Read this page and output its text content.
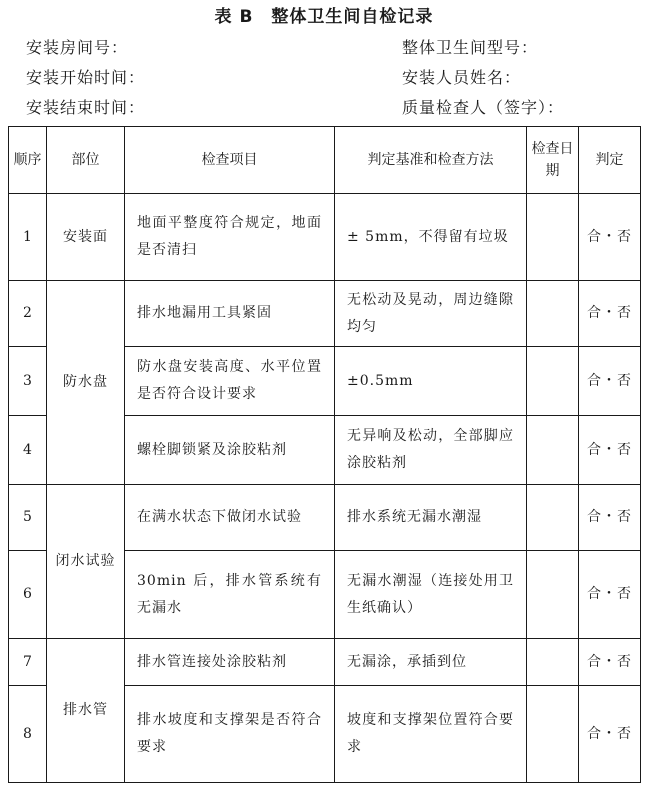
表 B　整体卫生间自检记录
安装房间号：	整体卫生间型号：
安装开始时间：	安装人员姓名：
安装结束时间：	质量检查人（签字）：
顺序	部位	检查项目	判定基准和检查方法	检查日期	判定
1	安装面	地面平整度符合规定，地面是否清扫	± 5mm，不得留有垃圾		合・否
2	防水盘	排水地漏用工具紧固	无松动及晃动，周边缝隙均匀		合・否
3		防水盘安装高度、水平位置是否符合设计要求	±0.5mm		合・否
4		螺栓脚锁紧及涂胶粘剂	无异响及松动，全部脚应涂胶粘剂		合・否
5	闭水试验	在满水状态下做闭水试验	排水系统无漏水潮湿		合・否
6		30min 后，排水管系统有无漏水	无漏水潮湿（连接处用卫生纸确认）		合・否
7	排水管	排水管连接处涂胶粘剂	无漏涂，承插到位		合・否
8		排水坡度和支撑架是否符合要求	坡度和支撑架位置符合要求		合・否
